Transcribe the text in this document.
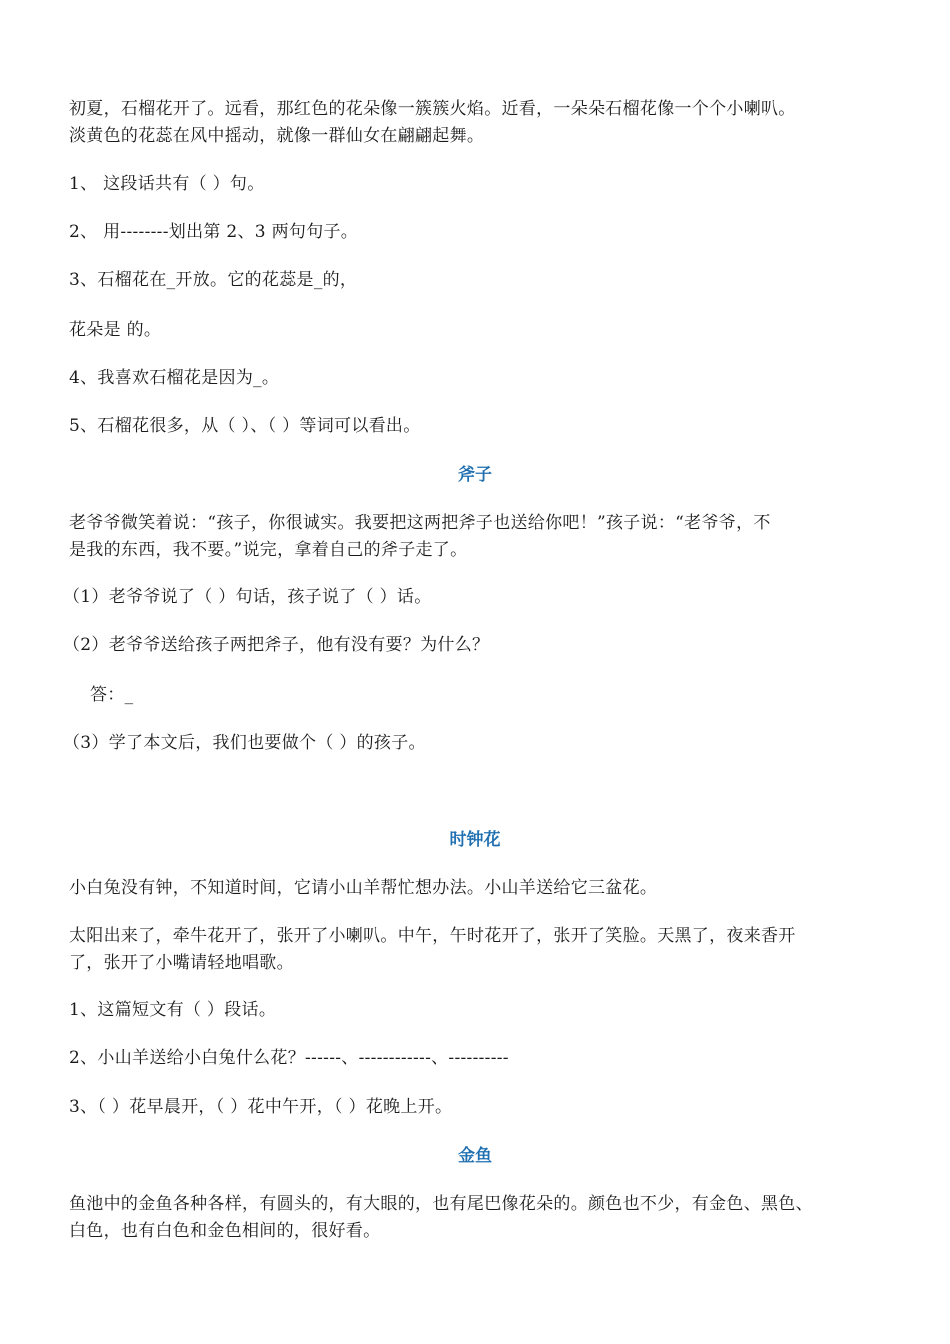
初夏，石榴花开了。远看，那红色的花朵像一簇簇火焰。近看，一朵朵石榴花像一个个小喇叭。
淡黄色的花蕊在风中摇动，就像一群仙女在翩翩起舞。
1、 这段话共有（ ）句。
2、 用--------划出第 2、3 两句句子。
3、石榴花在_开放。它的花蕊是_的，
花朵是 的。
4、我喜欢石榴花是因为_。
5、石榴花很多，从（ ）、（ ）等词可以看出。
斧子
老爷爷微笑着说：“孩子，你很诚实。我要把这两把斧子也送给你吧！”孩子说：“老爷爷，不
是我的东西，我不要。”说完，拿着自己的斧子走了。
（1）老爷爷说了（ ）句话，孩子说了（ ）话。
（2）老爷爷送给孩子两把斧子，他有没有要？为什么？
答：_
（3）学了本文后，我们也要做个（ ）的孩子。
时钟花
小白兔没有钟，不知道时间，它请小山羊帮忙想办法。小山羊送给它三盆花。
太阳出来了，牵牛花开了，张开了小喇叭。中午，午时花开了，张开了笑脸。天黑了，夜来香开
了，张开了小嘴请轻地唱歌。
1、这篇短文有（ ）段话。
2、小山羊送给小白兔什么花？------、------------、----------
3、（ ）花早晨开，（ ）花中午开，（ ）花晚上开。
金鱼
鱼池中的金鱼各种各样，有圆头的，有大眼的，也有尾巴像花朵的。颜色也不少，有金色、黑色、
白色，也有白色和金色相间的，很好看。
